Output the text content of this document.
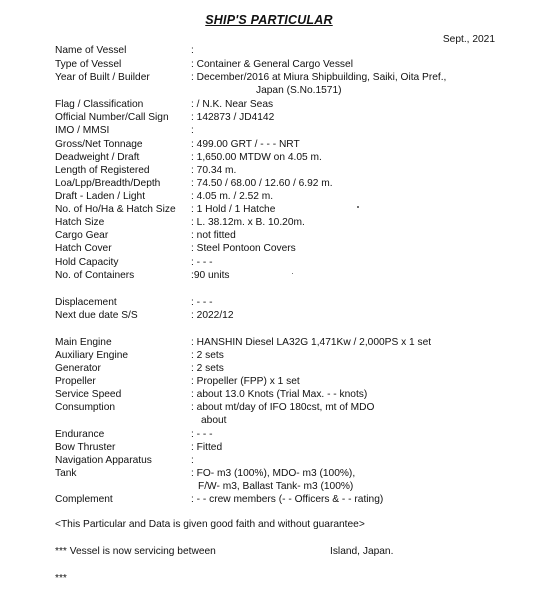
SHIP'S PARTICULAR
Sept., 2021
Name of Vessel	:
Type of Vessel	: Container & General Cargo Vessel
Year of Built / Builder	: December/2016 at Miura Shipbuilding, Saiki, Oita Pref.,
Japan (S.No.1571)
Flag / Classification	: / N.K. Near Seas
Official Number/Call Sign : 142873 / JD4142
IMO / MMSI	:
Gross/Net Tonnage	: 499.00 GRT / - - - NRT
Deadweight / Draft	: 1,650.00 MTDW on 4.05 m.
Length of Registered	: 70.34 m.
Loa/Lpp/Breadth/Depth	: 74.50 / 68.00 / 12.60 / 6.92 m.
Draft - Laden / Light	: 4.05 m. / 2.52 m.
No. of Ho/Ha & Hatch Size : 1 Hold / 1 Hatche
Hatch Size	: L. 38.12m. x B. 10.20m.
Cargo Gear	: not fitted
Hatch Cover	: Steel Pontoon Covers
Hold Capacity	: - - -
No. of Containers	:90 units
Displacement	: - - -
Next due date S/S	: 2022/12
Main Engine	: HANSHIN Diesel LA32G 1,471Kw / 2,000PS x 1 set
Auxiliary Engine	: 2 sets
Generator	: 2 sets
Propeller	: Propeller (FPP) x 1 set
Service Speed	: about 13.0 Knots (Trial Max. - - knots)
Consumption	: about mt/day of IFO 180cst, mt of MDO
about
Endurance	: - - -
Bow Thruster	: Fitted
Navigation Apparatus	:
Tank	: FO- m3 (100%), MDO- m3 (100%),
F/W- m3, Ballast Tank- m3 (100%)
Complement	: - - crew members (- - Officers & - - rating)
<This Particular and Data is given good faith and without guarantee>
*** Vessel is now servicing between	Island, Japan.
***
